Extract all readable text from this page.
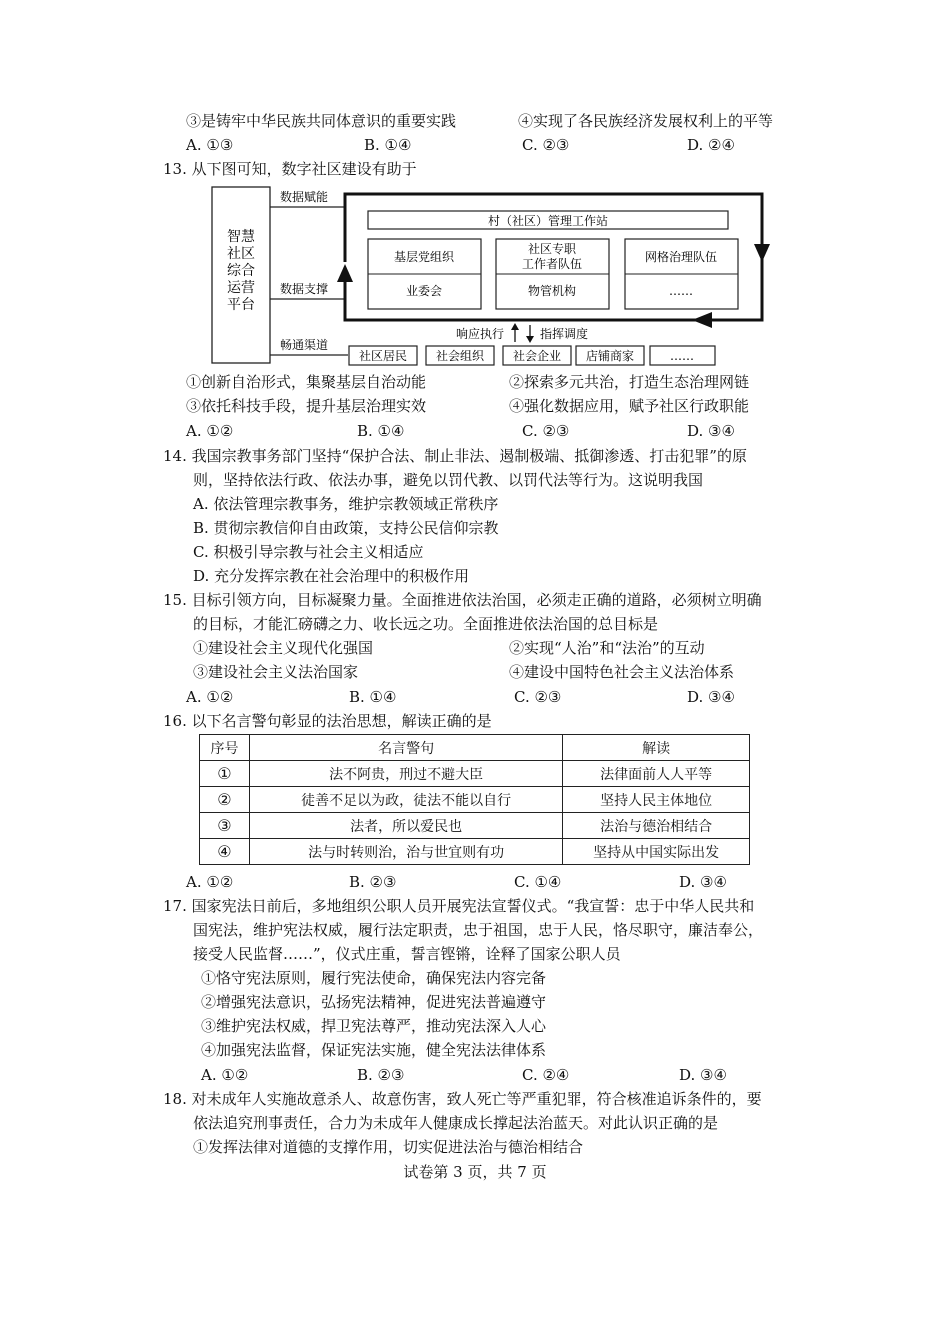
③是铸牢中华民族共同体意识的重要实践	④实现了各民族经济发展权利上的平等
A. ①③	B. ①④	C. ②③	D. ②④
13. 从下图可知，数字社区建设有助于
智慧
社区
综合
运营
平台
数据赋能
数据支撑
畅通渠道
村（社区）管理工作站
基层党组织
业委会
社区专职
工作者队伍
物管机构
网格治理队伍
……
响应执行	指挥调度
社区居民 社会组织 社会企业 店铺商家	……
①创新自治形式，集聚基层自治动能	②探索多元共治，打造生态治理网链
③依托科技手段，提升基层治理实效	④强化数据应用，赋予社区行政职能
A. ①②	B. ①④	C. ②③	D. ③④
14. 我国宗教事务部门坚持“保护合法、制止非法、遏制极端、抵御渗透、打击犯罪”的原
则，坚持依法行政、依法办事，避免以罚代教、以罚代法等行为。这说明我国
A. 依法管理宗教事务，维护宗教领域正常秩序
B. 贯彻宗教信仰自由政策，支持公民信仰宗教
C. 积极引导宗教与社会主义相适应
D. 充分发挥宗教在社会治理中的积极作用
15. 目标引领方向，目标凝聚力量。全面推进依法治国，必须走正确的道路，必须树立明确
的目标，才能汇磅礴之力、收长远之功。全面推进依法治国的总目标是
①建设社会主义现代化强国	②实现“人治”和“法治”的互动
③建设社会主义法治国家	④建设中国特色社会主义法治体系
A. ①②	B. ①④	C. ②③	D. ③④
16. 以下名言警句彰显的法治思想，解读正确的是
序号	名言警句	解读
①	法不阿贵，刑过不避大臣	法律面前人人平等
②	徒善不足以为政，徒法不能以自行	坚持人民主体地位
③	法者，所以爱民也	法治与德治相结合
④	法与时转则治，治与世宜则有功	坚持从中国实际出发
A. ①②	B. ②③	C. ①④	D. ③④
17. 国家宪法日前后，多地组织公职人员开展宪法宣誓仪式。“我宣誓：忠于中华人民共和
国宪法，维护宪法权威，履行法定职责，忠于祖国，忠于人民，恪尽职守，廉洁奉公，
接受人民监督……”，仪式庄重，誓言铿锵，诠释了国家公职人员
①恪守宪法原则，履行宪法使命，确保宪法内容完备
②增强宪法意识，弘扬宪法精神，促进宪法普遍遵守
③维护宪法权威，捍卫宪法尊严，推动宪法深入人心
④加强宪法监督，保证宪法实施，健全宪法法律体系
A. ①②	B. ②③	C. ②④	D. ③④
18. 对未成年人实施故意杀人、故意伤害，致人死亡等严重犯罪，符合核准追诉条件的，要
依法追究刑事责任，合力为未成年人健康成长撑起法治蓝天。对此认识正确的是
①发挥法律对道德的支撑作用，切实促进法治与德治相结合
试卷第 3 页，共 7 页
